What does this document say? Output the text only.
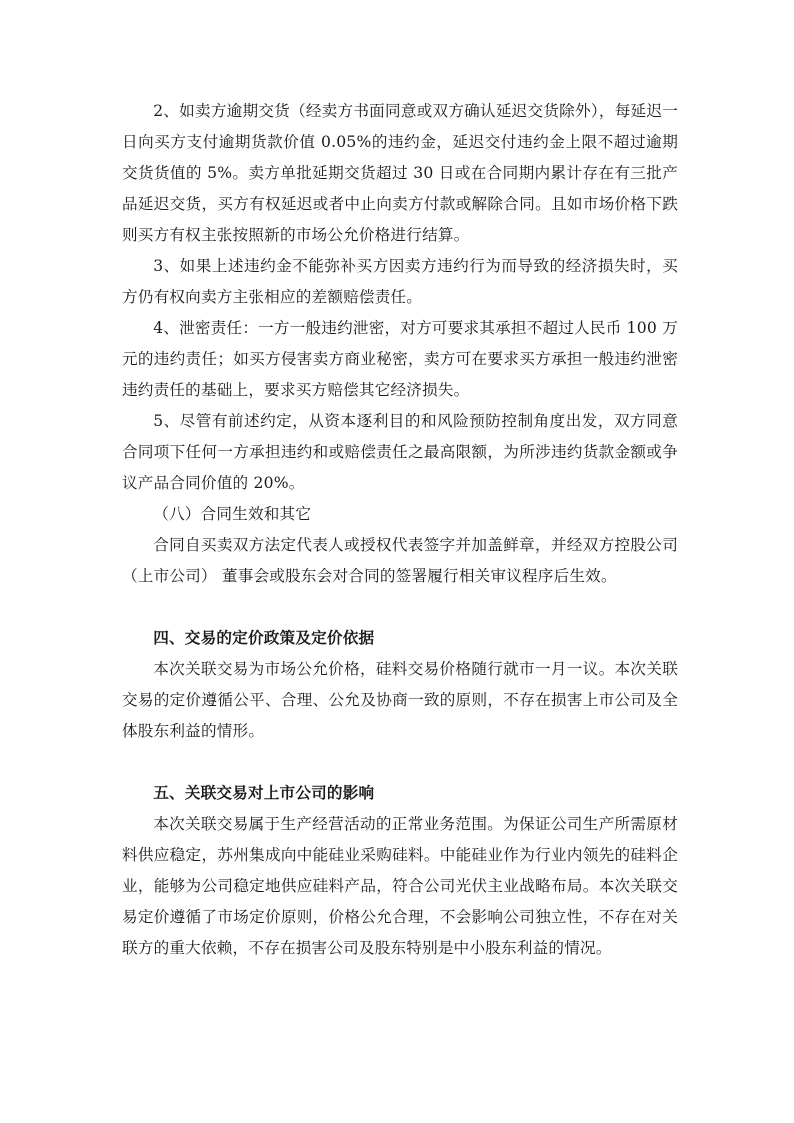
2、如卖方逾期交货（经卖方书面同意或双方确认延迟交货除外），每延迟一日向买方支付逾期货款价值 0.05%的违约金，延迟交付违约金上限不超过逾期交货货值的 5%。卖方单批延期交货超过 30 日或在合同期内累计存在有三批产品延迟交货，买方有权延迟或者中止向卖方付款或解除合同。且如市场价格下跌则买方有权主张按照新的市场公允价格进行结算。

3、如果上述违约金不能弥补买方因卖方违约行为而导致的经济损失时，买方仍有权向卖方主张相应的差额赔偿责任。

4、泄密责任：一方一般违约泄密，对方可要求其承担不超过人民币 100 万元的违约责任；如买方侵害卖方商业秘密，卖方可在要求买方承担一般违约泄密违约责任的基础上，要求买方赔偿其它经济损失。

5、尽管有前述约定，从资本逐利目的和风险预防控制角度出发，双方同意合同项下任何一方承担违约和或赔偿责任之最高限额，为所涉违约货款金额或争议产品合同价值的 20%。

（八）合同生效和其它

合同自买卖双方法定代表人或授权代表签字并加盖鲜章，并经双方控股公司（上市公司） 董事会或股东会对合同的签署履行相关审议程序后生效。

四、交易的定价政策及定价依据

本次关联交易为市场公允价格，硅料交易价格随行就市一月一议。本次关联交易的定价遵循公平、合理、公允及协商一致的原则，不存在损害上市公司及全体股东利益的情形。

五、关联交易对上市公司的影响

本次关联交易属于生产经营活动的正常业务范围。为保证公司生产所需原材料供应稳定，苏州集成向中能硅业采购硅料。中能硅业作为行业内领先的硅料企业，能够为公司稳定地供应硅料产品，符合公司光伏主业战略布局。本次关联交易定价遵循了市场定价原则，价格公允合理，不会影响公司独立性，不存在对关联方的重大依赖，不存在损害公司及股东特别是中小股东利益的情况。
